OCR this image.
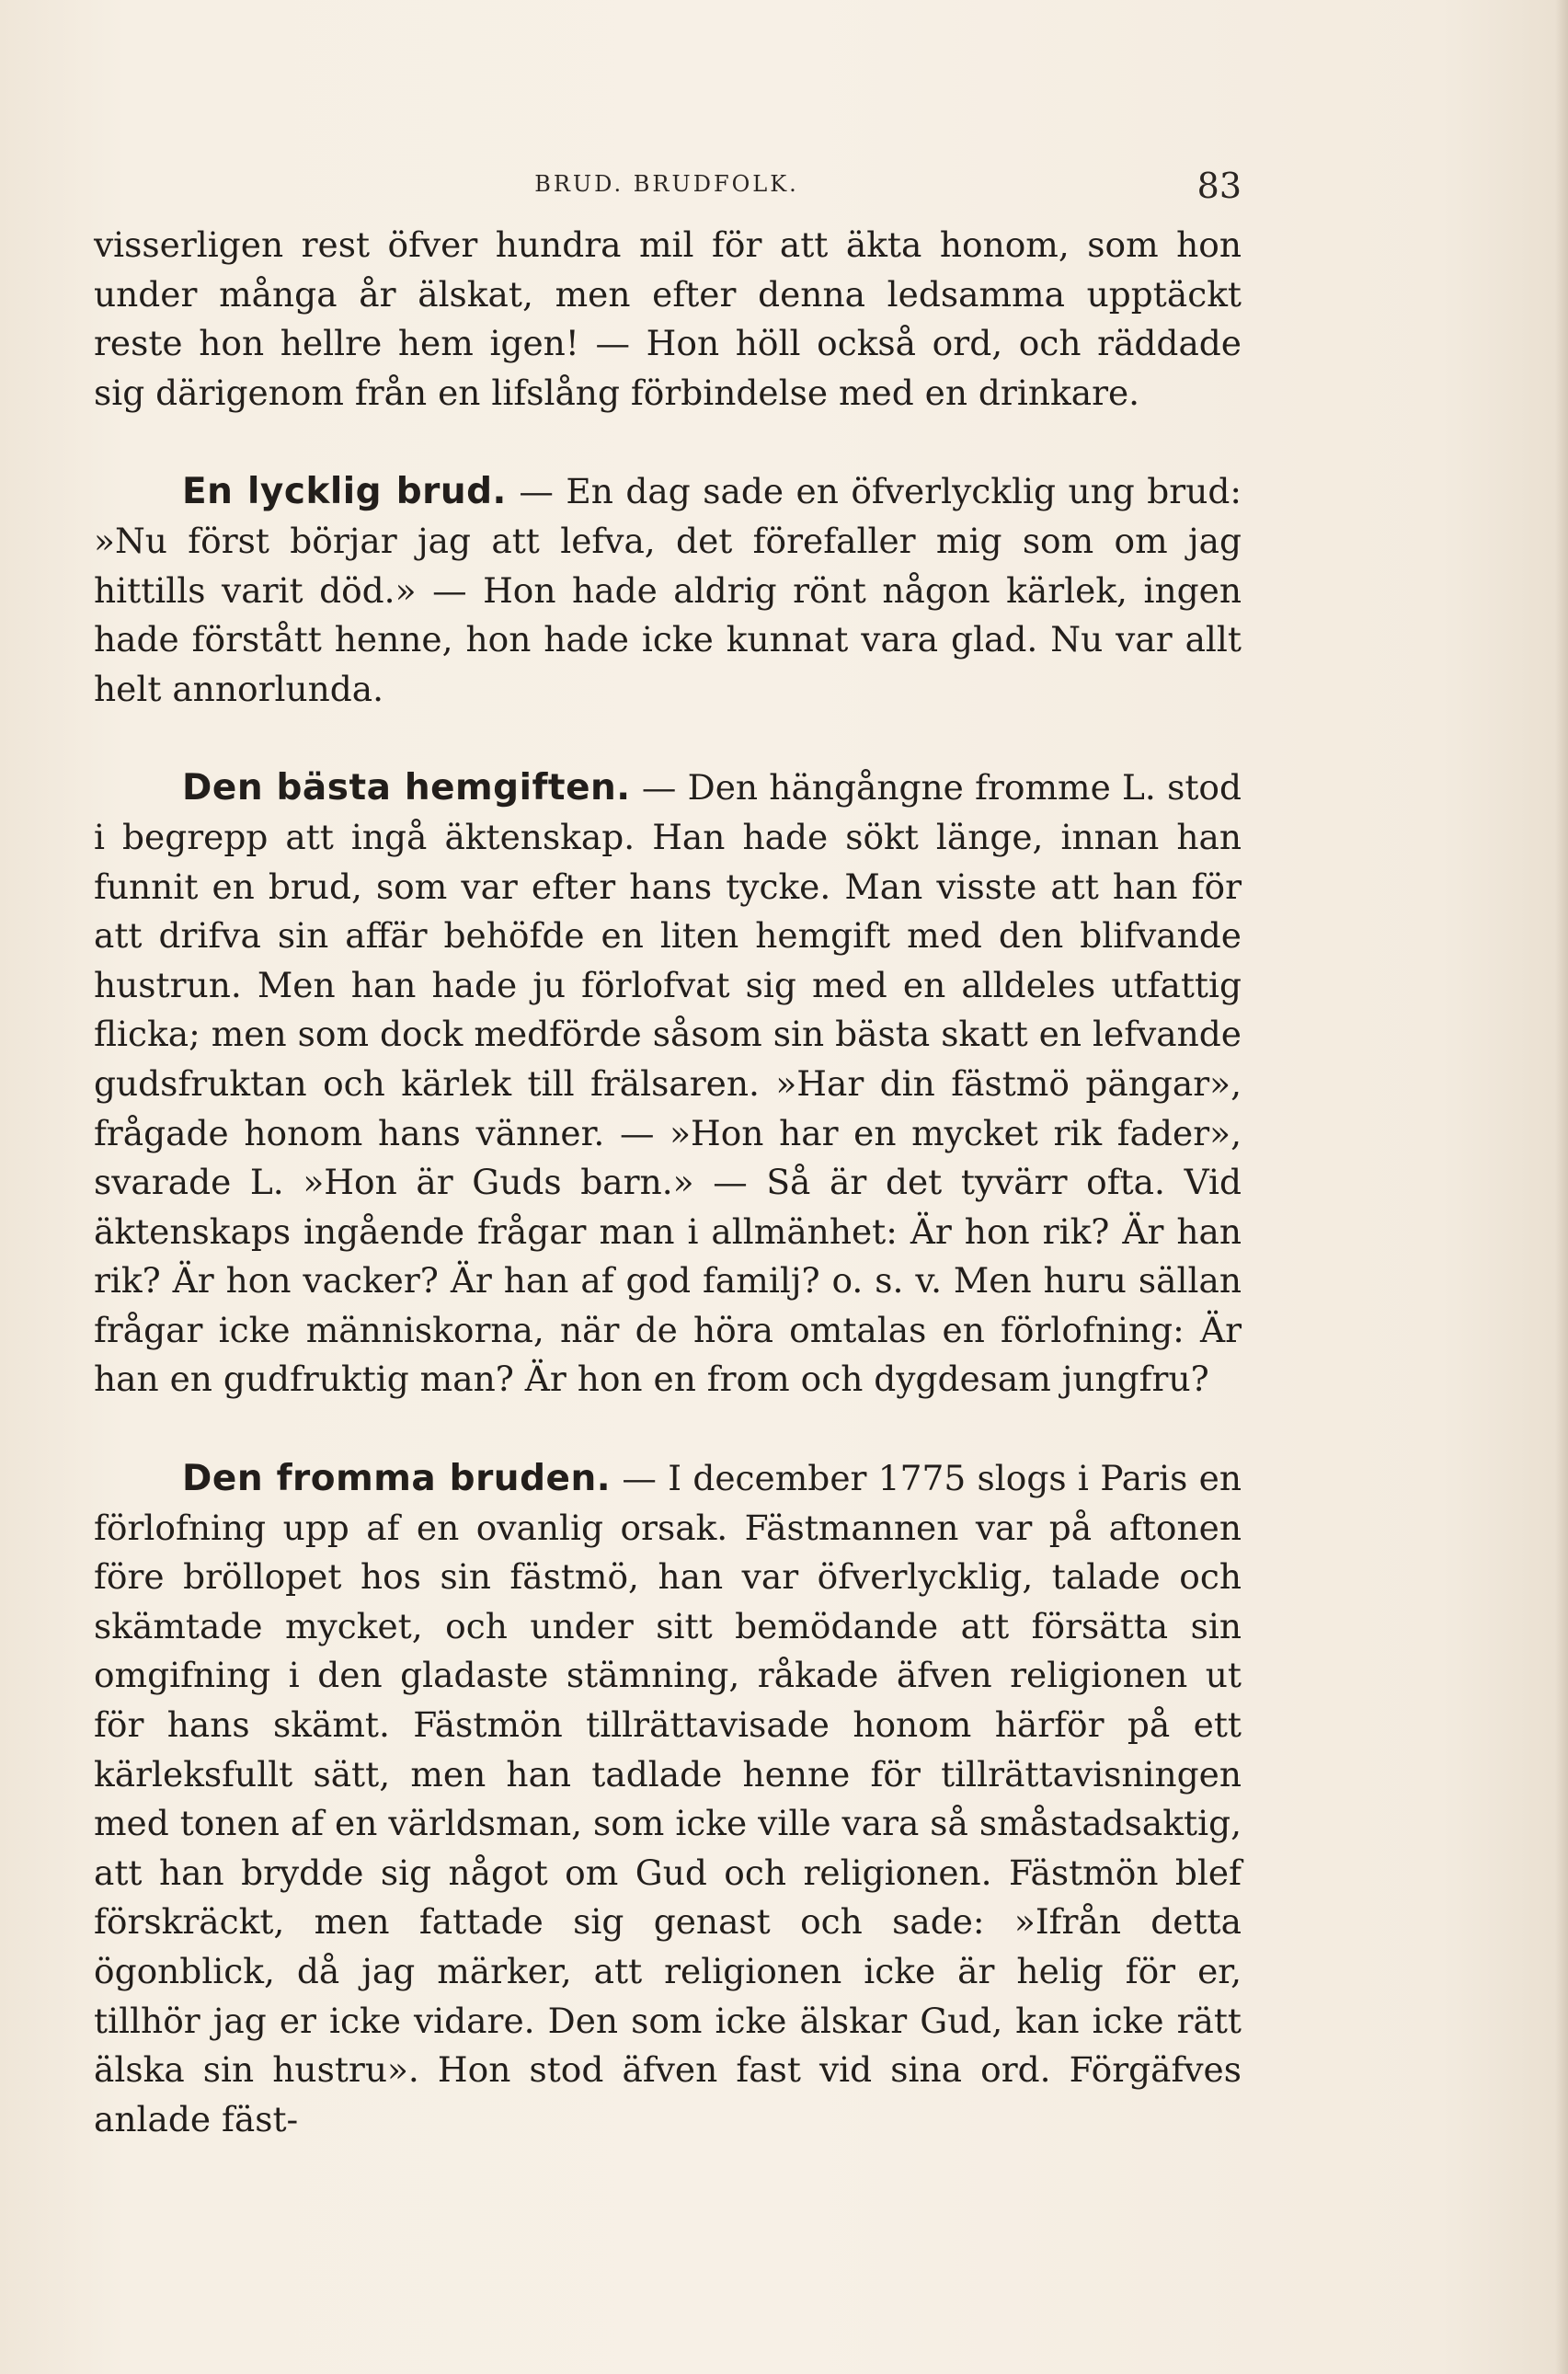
BRUD. BRUDFOLK.	83

visserligen rest öfver hundra mil för att äkta honom, som hon under många år älskat, men efter denna ledsamma upptäckt reste hon hellre hem igen! — Hon höll också ord, och räddade sig därigenom från en lifslång förbindelse med en drinkare.

En lycklig brud. — En dag sade en öfverlycklig ung brud: »Nu först börjar jag att lefva, det förefaller mig som om jag hittills varit död.» — Hon hade aldrig rönt någon kärlek, ingen hade förstått henne, hon hade icke kunnat vara glad. Nu var allt helt annorlunda.

Den bästa hemgiften. — Den hängångne fromme L. stod i begrepp att ingå äktenskap. Han hade sökt länge, innan han funnit en brud, som var efter hans tycke. Man visste att han för att drifva sin affär behöfde en liten hemgift med den blifvande hustrun. Men han hade ju förlofvat sig med en alldeles utfattig flicka; men som dock medförde såsom sin bästa skatt en lefvande gudsfruktan och kärlek till frälsaren. »Har din fästmö pängar», frågade honom hans vänner. — »Hon har en mycket rik fader», svarade L. »Hon är Guds barn.» — Så är det tyvärr ofta. Vid äktenskaps ingående frågar man i allmänhet: Är hon rik? Är han rik? Är hon vacker? Är han af god familj? o. s. v. Men huru sällan frågar icke människorna, när de höra omtalas en förlofning: Är han en gudfruktig man? Är hon en from och dygdesam jungfru?

Den fromma bruden. — I december 1775 slogs i Paris en förlofning upp af en ovanlig orsak. Fästmannen var på aftonen före bröllopet hos sin fästmö, han var öfverlycklig, talade och skämtade mycket, och under sitt bemödande att försätta sin omgifning i den gladaste stämning, råkade äfven religionen ut för hans skämt. Fästmön tillrättavisade honom härför på ett kärleksfullt sätt, men han tadlade henne för tillrättavisningen med tonen af en världsman, som icke ville vara så småstadsaktig, att han brydde sig något om Gud och religionen. Fästmön blef förskräckt, men fattade sig genast och sade: »Ifrån detta ögonblick, då jag märker, att religionen icke är helig för er, tillhör jag er icke vidare. Den som icke älskar Gud, kan icke rätt älska sin hustru». Hon stod äfven fast vid sina ord. Förgäfves anlade fäst-
